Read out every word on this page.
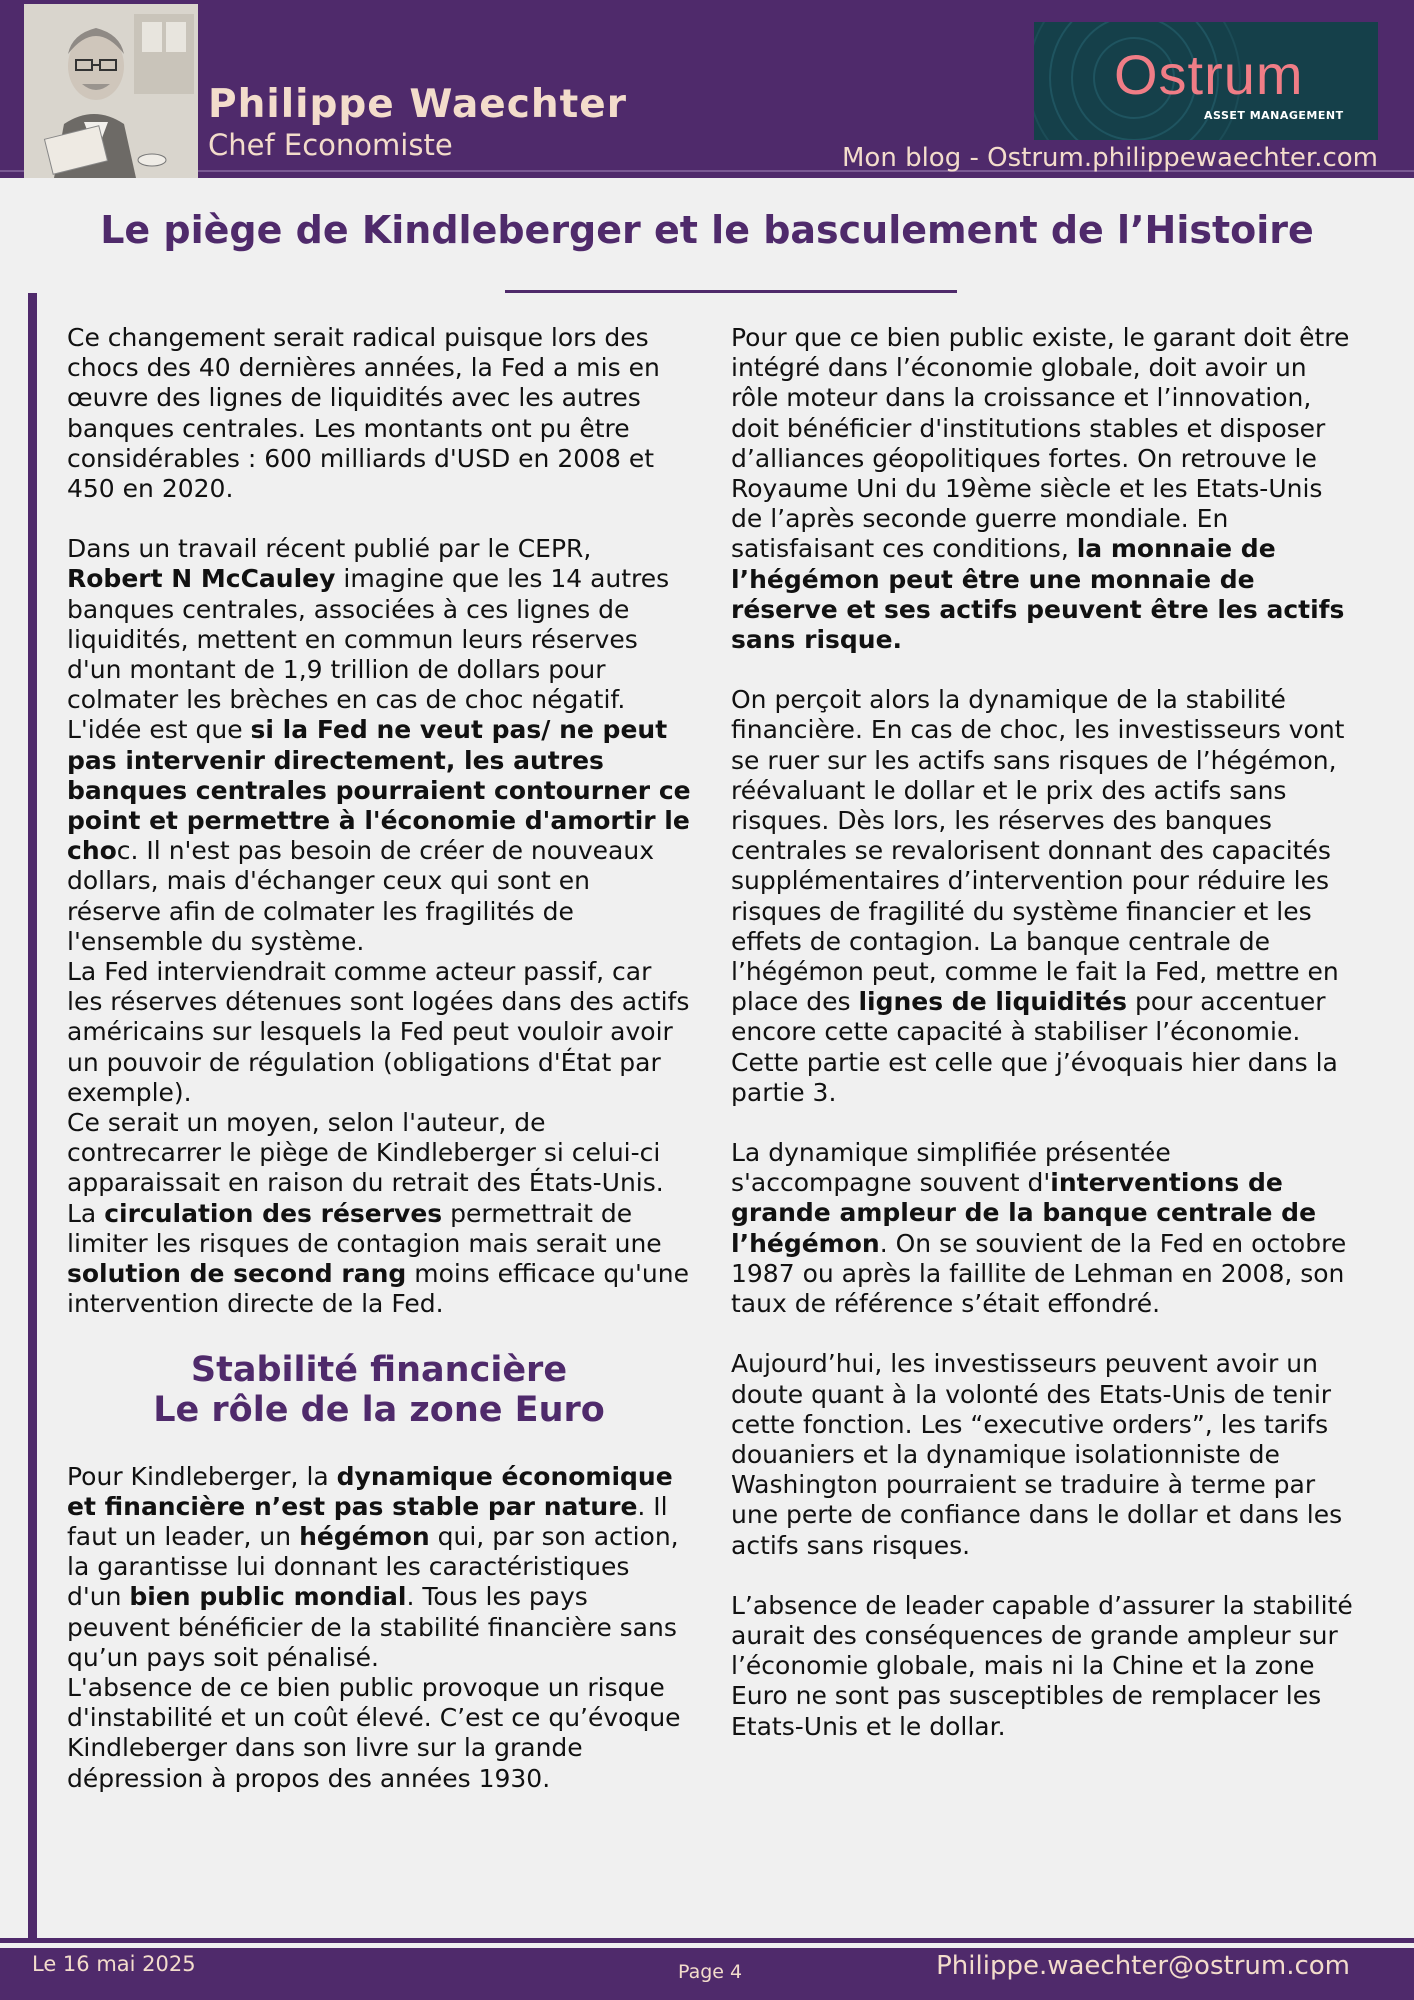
Philippe Waechter
Chef Economiste
Ostrum
ASSET MANAGEMENT
Mon blog - Ostrum.philippewaechter.com
Le piège de Kindleberger et le basculement de l’Histoire

Ce changement serait radical puisque lors des chocs des 40 dernières années, la Fed a mis en œuvre des lignes de liquidités avec les autres banques centrales. Les montants ont pu être considérables : 600 milliards d'USD en 2008 et 450 en 2020.

Dans un travail récent publié par le CEPR, Robert N McCauley imagine que les 14 autres banques centrales, associées à ces lignes de liquidités, mettent en commun leurs réserves d'un montant de 1,9 trillion de dollars pour colmater les brèches en cas de choc négatif. L'idée est que si la Fed ne veut pas/ ne peut pas intervenir directement, les autres banques centrales pourraient contourner ce point et permettre à l'économie d'amortir le choc. Il n'est pas besoin de créer de nouveaux dollars, mais d'échanger ceux qui sont en réserve afin de colmater les fragilités de l'ensemble du système.

La Fed interviendrait comme acteur passif, car les réserves détenues sont logées dans des actifs américains sur lesquels la Fed peut vouloir avoir un pouvoir de régulation (obligations d'État par exemple).

Ce serait un moyen, selon l'auteur, de contrecarrer le piège de Kindleberger si celui-ci apparaissait en raison du retrait des États-Unis.

La circulation des réserves permettrait de limiter les risques de contagion mais serait une solution de second rang moins efficace qu'une intervention directe de la Fed.

Stabilité financière
Le rôle de la zone Euro

Pour Kindleberger, la dynamique économique et financière n’est pas stable par nature. Il faut un leader, un hégémon qui, par son action, la garantisse lui donnant les caractéristiques d'un bien public mondial. Tous les pays peuvent bénéficier de la stabilité financière sans qu’un pays soit pénalisé.

L'absence de ce bien public provoque un risque d'instabilité et un coût élevé. C’est ce qu’évoque Kindleberger dans son livre sur la grande dépression à propos des années 1930.

Pour que ce bien public existe, le garant doit être intégré dans l’économie globale, doit avoir un rôle moteur dans la croissance et l’innovation, doit bénéficier d'institutions stables et disposer d’alliances géopolitiques fortes. On retrouve le Royaume Uni du 19ème siècle et les Etats-Unis de l’après seconde guerre mondiale. En satisfaisant ces conditions, la monnaie de l’hégémon peut être une monnaie de réserve et ses actifs peuvent être les actifs sans risque.

On perçoit alors la dynamique de la stabilité financière. En cas de choc, les investisseurs vont se ruer sur les actifs sans risques de l’hégémon, réévaluant le dollar et le prix des actifs sans risques. Dès lors, les réserves des banques centrales se revalorisent donnant des capacités supplémentaires d’intervention pour réduire les risques de fragilité du système financier et les effets de contagion. La banque centrale de l’hégémon peut, comme le fait la Fed, mettre en place des lignes de liquidités pour accentuer encore cette capacité à stabiliser l’économie. Cette partie est celle que j’évoquais hier dans la partie 3.

La dynamique simplifiée présentée s'accompagne souvent d'interventions de grande ampleur de la banque centrale de l’hégémon. On se souvient de la Fed en octobre 1987 ou après la faillite de Lehman en 2008, son taux de référence s’était effondré.

Aujourd’hui, les investisseurs peuvent avoir un doute quant à la volonté des Etats-Unis de tenir cette fonction. Les “executive orders”, les tarifs douaniers et la dynamique isolationniste de Washington pourraient se traduire à terme par une perte de confiance dans le dollar et dans les actifs sans risques.

L’absence de leader capable d’assurer la stabilité aurait des conséquences de grande ampleur sur l’économie globale, mais ni la Chine et la zone Euro ne sont pas susceptibles de remplacer les Etats-Unis et le dollar.

Le 16 mai 2025	Page 4	Philippe.waechter@ostrum.com
